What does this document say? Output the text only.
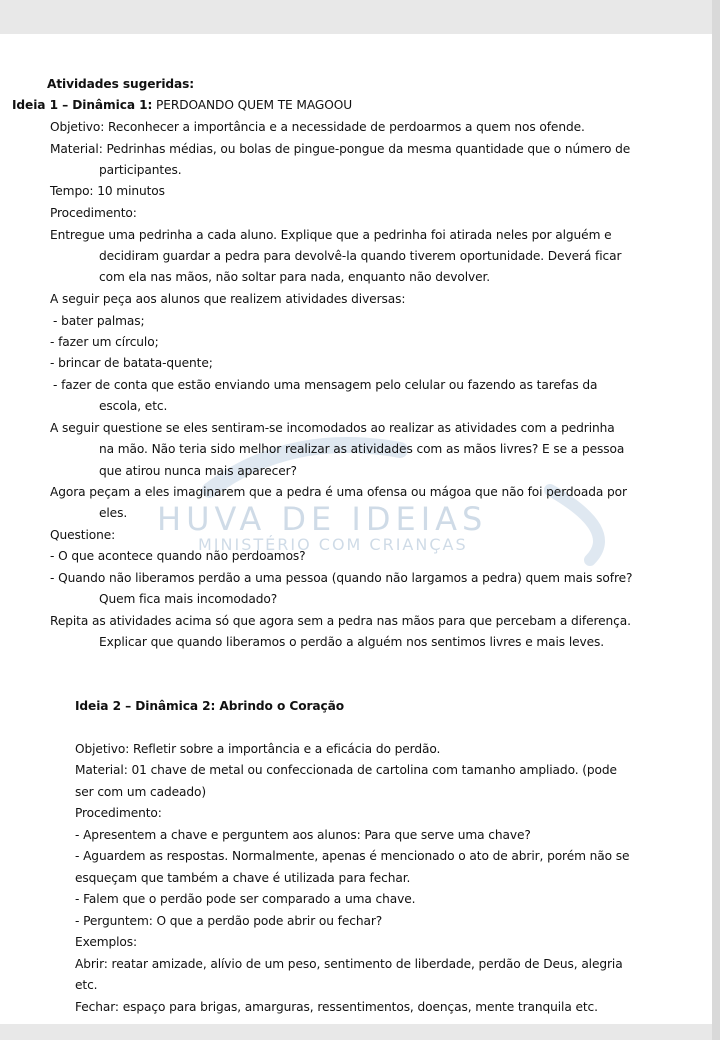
HUVA DE IDEIAS
MINISTÉRIO COM CRIANÇAS
Atividades sugeridas:
Ideia 1 – Dinâmica 1: PERDOANDO QUEM TE MAGOOU
Objetivo: Reconhecer a importância e a necessidade de perdoarmos a quem nos ofende.
Material: Pedrinhas médias, ou bolas de pingue-pongue da mesma quantidade que o número de
participantes.
Tempo: 10 minutos
Procedimento:
Entregue uma pedrinha a cada aluno. Explique que a pedrinha foi atirada neles por alguém e
decidiram guardar a pedra para devolvê-la quando tiverem oportunidade. Deverá ficar
com ela nas mãos, não soltar para nada, enquanto não devolver.
A seguir peça aos alunos que realizem atividades diversas:
- bater palmas;
- fazer um círculo;
- brincar de batata-quente;
- fazer de conta que estão enviando uma mensagem pelo celular ou fazendo as tarefas da
escola, etc.
A seguir questione se eles sentiram-se incomodados ao realizar as atividades com a pedrinha
na mão. Não teria sido melhor realizar as atividades com as mãos livres? E se a pessoa
que atirou nunca mais aparecer?
Agora peçam a eles imaginarem que a pedra é uma ofensa ou mágoa que não foi perdoada por
eles.
Questione:
- O que acontece quando não perdoamos?
- Quando não liberamos perdão a uma pessoa (quando não largamos a pedra) quem mais sofre?
Quem fica mais incomodado?
Repita as atividades acima só que agora sem a pedra nas mãos para que percebam a diferença.
Explicar que quando liberamos o perdão a alguém nos sentimos livres e mais leves.
Ideia 2 – Dinâmica 2: Abrindo o Coração
Objetivo: Refletir sobre a importância e a eficácia do perdão.
Material: 01 chave de metal ou confeccionada de cartolina com tamanho ampliado. (pode
ser com um cadeado)
Procedimento:
- Apresentem a chave e perguntem aos alunos: Para que serve uma chave?
- Aguardem as respostas. Normalmente, apenas é mencionado o ato de abrir, porém não se
esqueçam que também a chave é utilizada para fechar.
- Falem que o perdão pode ser comparado a uma chave.
- Perguntem: O que a perdão pode abrir ou fechar?
Exemplos:
Abrir: reatar amizade, alívio de um peso, sentimento de liberdade, perdão de Deus, alegria
etc.
Fechar: espaço para brigas, amarguras, ressentimentos, doenças, mente tranquila etc.
